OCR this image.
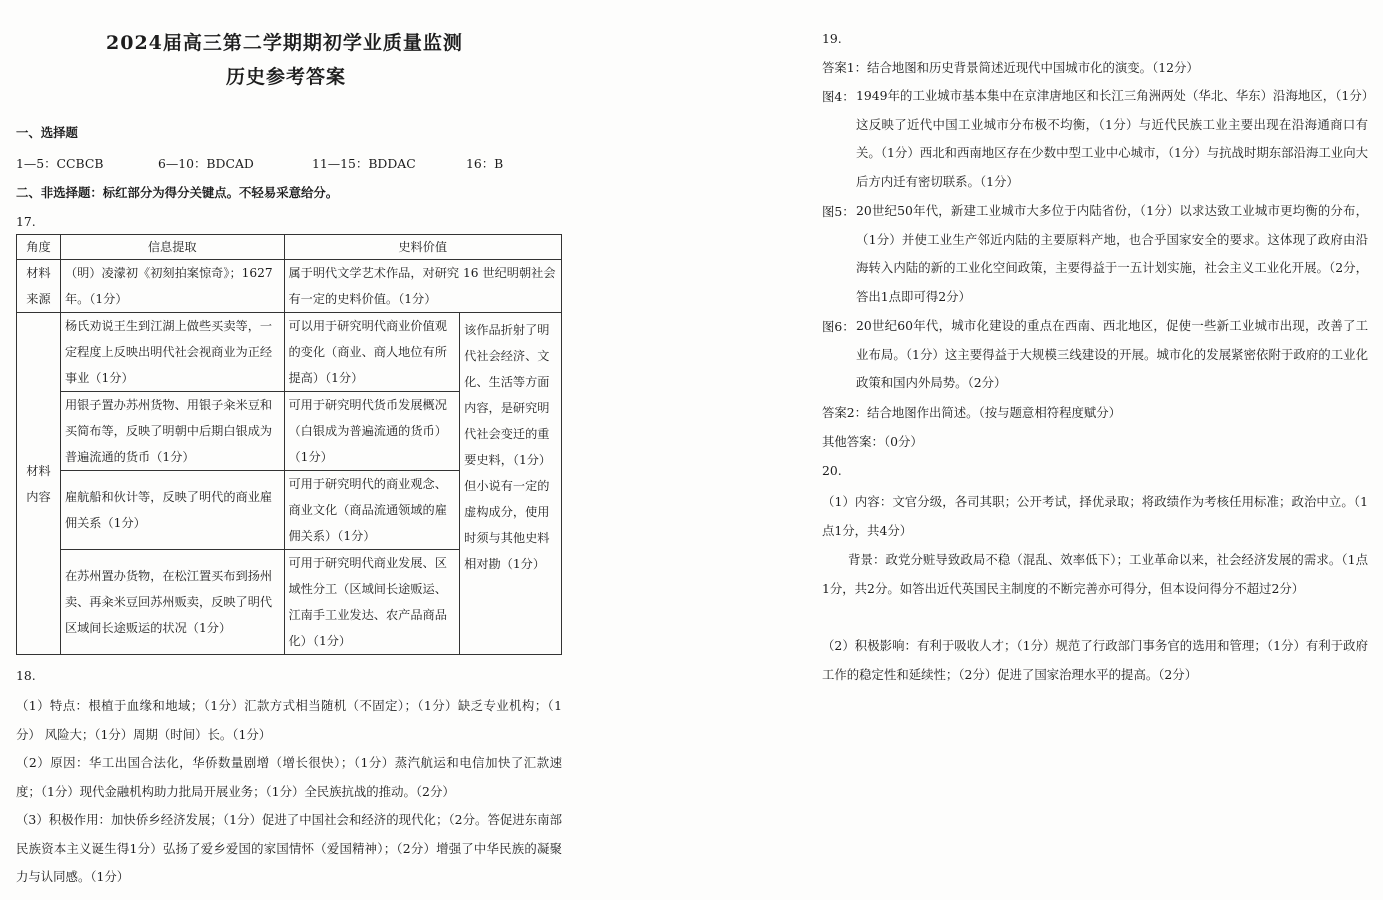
2024届高三第二学期期初学业质量监测
历史参考答案
一、选择题
1—5：CCBCB	6—10：BDCAD	11—15：BDDAC	16：B
二、非选择题：标红部分为得分关键点。不轻易采意给分。
17.
角度	信息提取	史料价值	
材料来源	（明）凌濛初《初刻拍案惊奇》；1627年。（1分）	属于明代文学艺术作品，对研究 16 世纪明朝社会有一定的史料价值。（1分）	
材料内容	杨氏劝说王生到江湖上做些买卖等，一定程度上反映出明代社会视商业为正经事业（1分）	可以用于研究明代商业价值观的变化（商业、商人地位有所提高）（1分）	该作品折射了明代社会经济、文化、生活等方面内容，是研究明代社会变迁的重要史料，（1分）但小说有一定的虚构成分，使用时须与其他史料相对勘（1分）
	用银子置办苏州货物、用银子籴米豆和买简布等，反映了明朝中后期白银成为普遍流通的货币（1分）	可用于研究明代货币发展概况（白银成为普遍流通的货币）（1分）	
	雇航船和伙计等，反映了明代的商业雇佣关系（1分）	可用于研究明代的商业观念、商业文化（商品流通领域的雇佣关系）（1分）	
	在苏州置办货物，在松江置买布到扬州卖、再籴米豆回苏州贩卖，反映了明代区域间长途贩运的状况（1分）	可用于研究明代商业发展、区域性分工（区域间长途贩运、江南手工业发达、农产品商品化）（1分）	
18.
（1）特点：根植于血缘和地域；（1分）汇款方式相当随机（不固定）；（1分）缺乏专业机构；（1分） 风险大；（1分）周期（时间）长。（1分）
（2）原因：华工出国合法化，华侨数量剧增（增长很快）；（1分）蒸汽航运和电信加快了汇款速度；（1分）现代金融机构助力批局开展业务；（1分）全民族抗战的推动。（2分）
（3）积极作用：加快侨乡经济发展；（1分）促进了中国社会和经济的现代化；（2分。答促进东南部民族资本主义诞生得1分）弘扬了爱乡爱国的家国情怀（爱国精神）；（2分）增强了中华民族的凝聚力与认同感。（1分）
19.
答案1：结合地图和历史背景简述近现代中国城市化的演变。（12分）
图4： 1949年的工业城市基本集中在京津唐地区和长江三角洲两处（华北、华东）沿海地区，（1分）这反映了近代中国工业城市分布极不均衡，（1分）与近代民族工业主要出现在沿海通商口有关。（1分）西北和西南地区存在少数中型工业中心城市，（1分）与抗战时期东部沿海工业向大后方内迁有密切联系。（1分）
图5： 20世纪50年代，新建工业城市大多位于内陆省份，（1分）以求达致工业城市更均衡的分布，（1分）并使工业生产邻近内陆的主要原料产地，也合乎国家安全的要求。这体现了政府由沿海转入内陆的新的工业化空间政策，主要得益于一五计划实施，社会主义工业化开展。（2分，答出1点即可得2分）
图6： 20世纪60年代，城市化建设的重点在西南、西北地区，促使一些新工业城市出现，改善了工业布局。（1分）这主要得益于大规模三线建设的开展。城市化的发展紧密依附于政府的工业化政策和国内外局势。（2分）
答案2：结合地图作出简述。（按与题意相符程度赋分）
其他答案：（0分）
20.
（1）内容：文官分级，各司其职；公开考试，择优录取；将政绩作为考核任用标准；政治中立。（1点1分，共4分）
背景：政党分赃导致政局不稳（混乱、效率低下）；工业革命以来，社会经济发展的需求。（1点1分，共2分。如答出近代英国民主制度的不断完善亦可得分，但本设问得分不超过2分）
（2）积极影响：有利于吸收人才；（1分）规范了行政部门事务官的选用和管理；（1分）有利于政府工作的稳定性和延续性；（2分）促进了国家治理水平的提高。（2分）
